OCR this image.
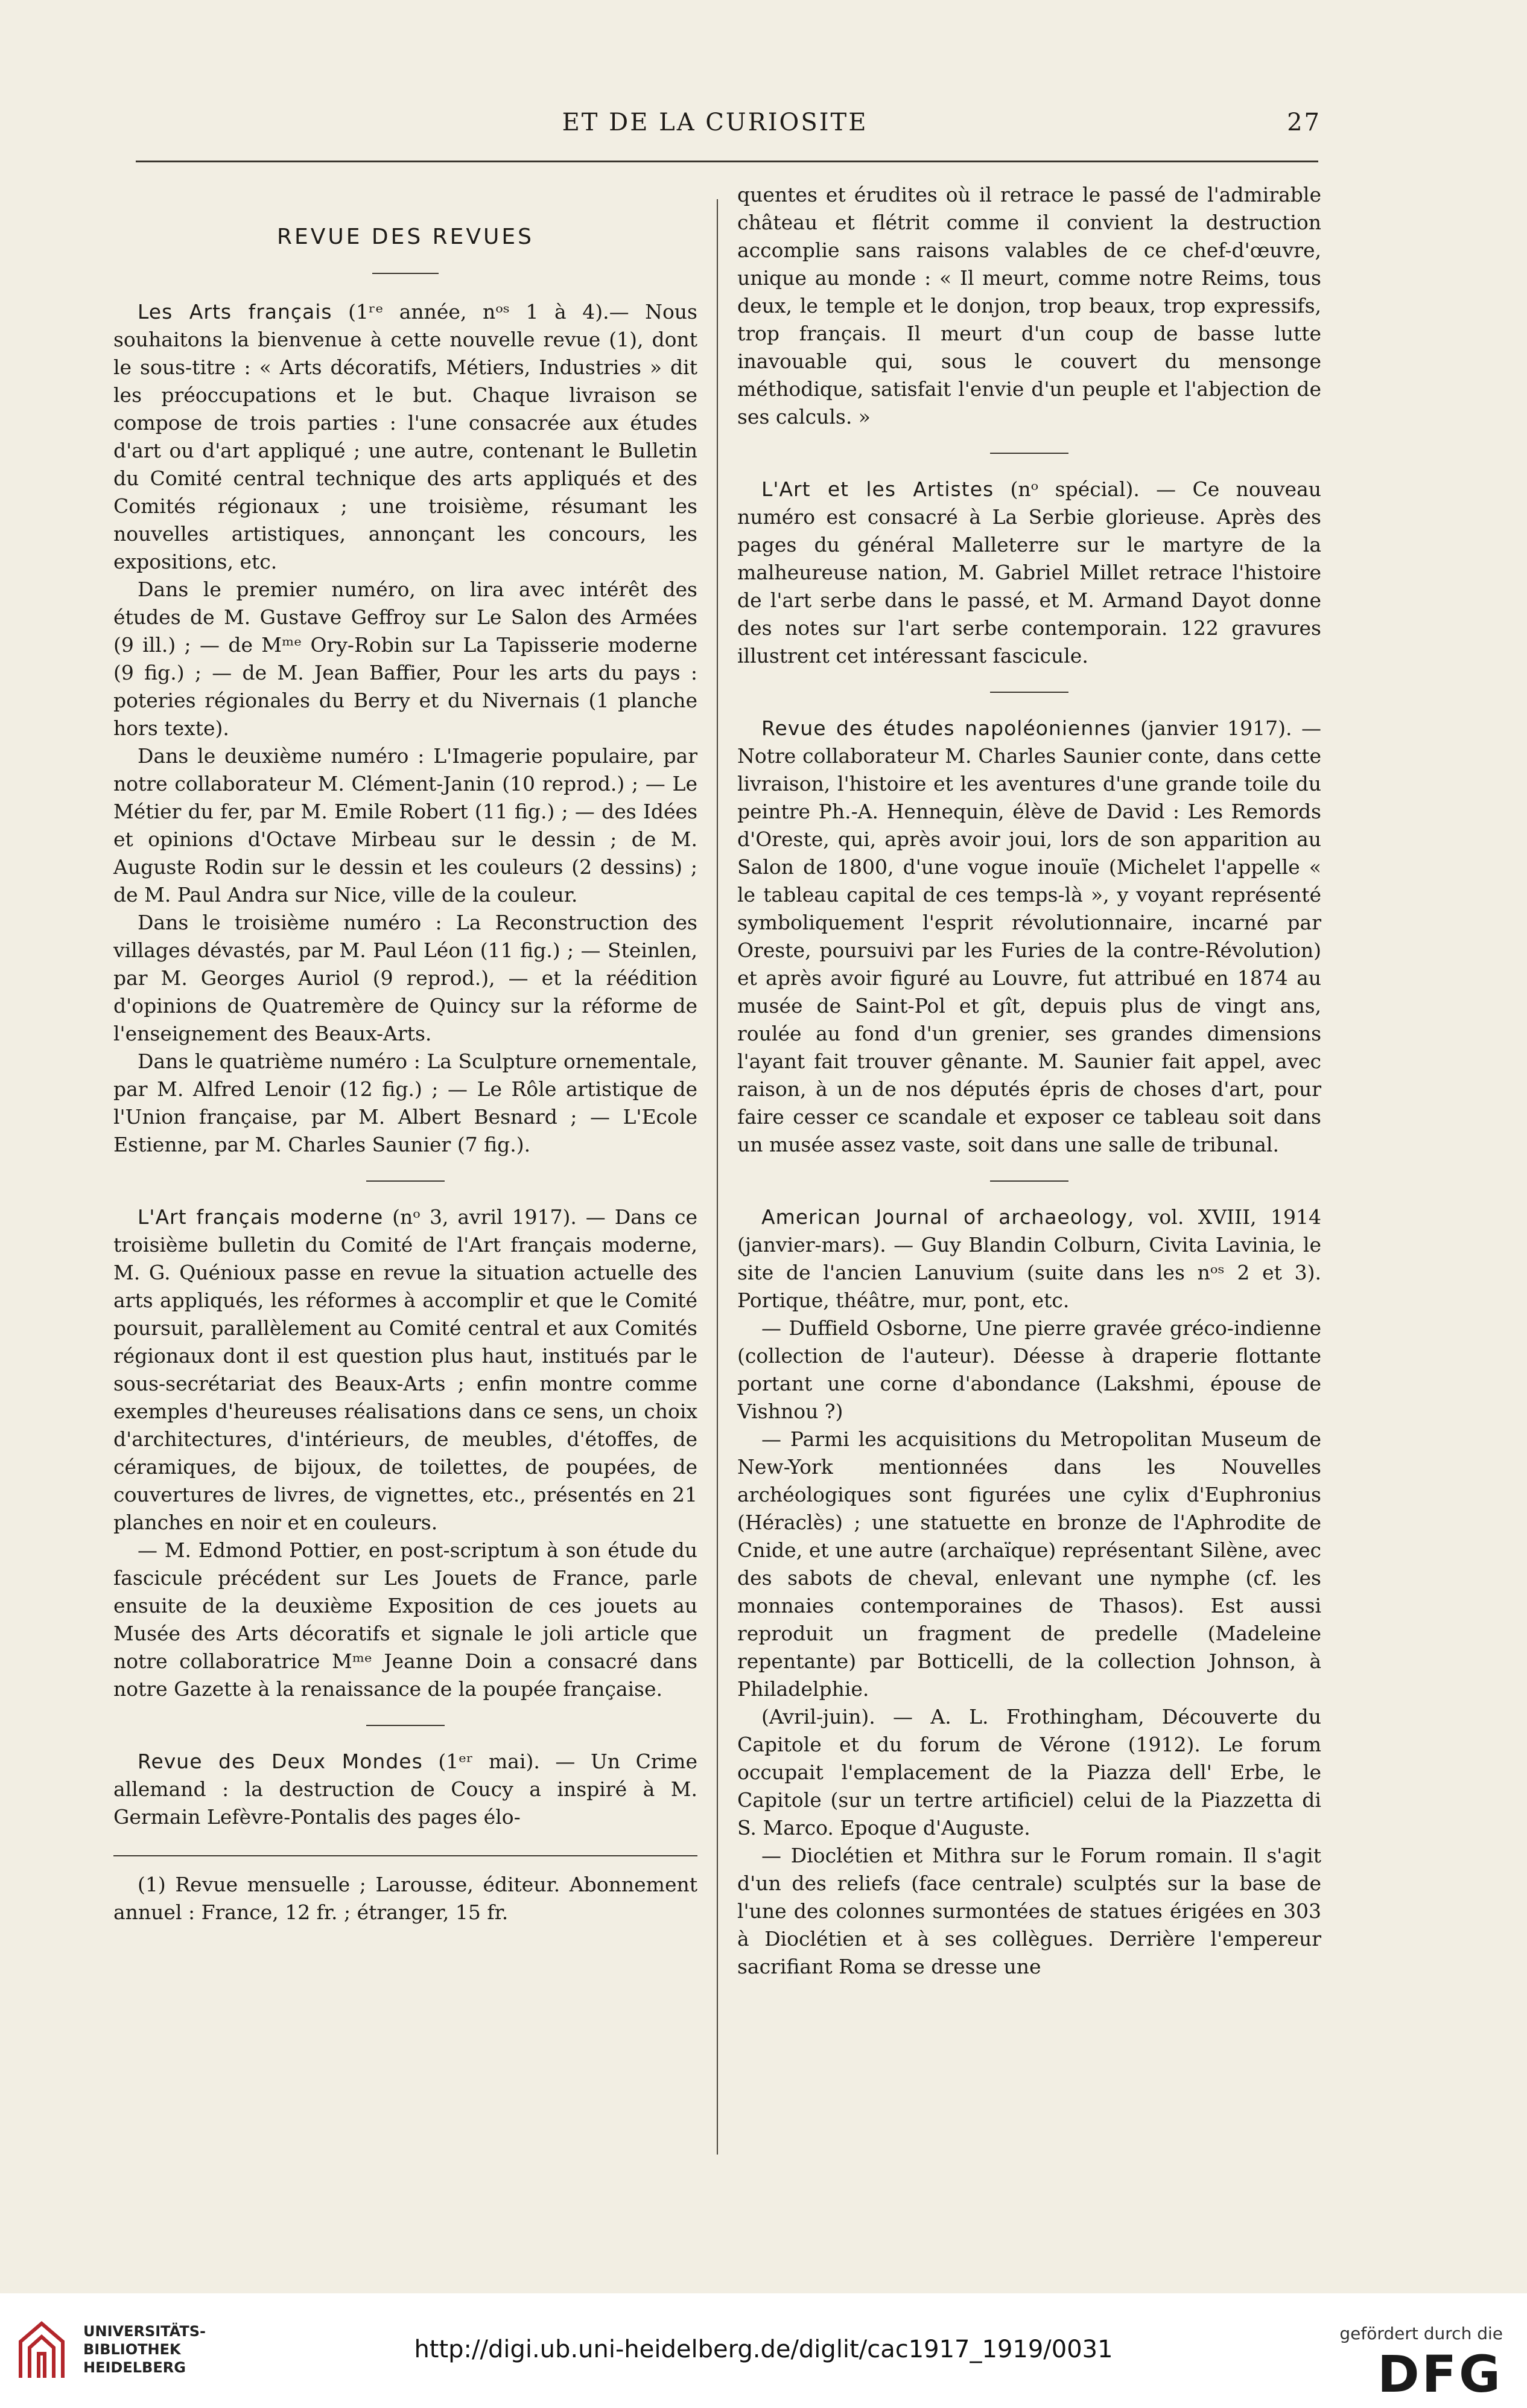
ET DE LA CURIOSITE	27
REVUE DES REVUES

Les Arts français (1ʳᵉ année, nᵒˢ 1 à 4).— Nous souhaitons la bienvenue à cette nouvelle revue (1), dont le sous-titre : « Arts décoratifs, Métiers, Industries » dit les préoccupations et le but. Chaque livraison se compose de trois parties : l'une consacrée aux études d'art ou d'art appliqué ; une autre, contenant le Bulletin du Comité central technique des arts appliqués et des Comités régionaux ; une troisième, résumant les nouvelles artistiques, annonçant les concours, les expositions, etc.

Dans le premier numéro, on lira avec intérêt des études de M. Gustave Geffroy sur Le Salon des Armées (9 ill.) ; — de Mᵐᵉ Ory-Robin sur La Tapisserie moderne (9 fig.) ; — de M. Jean Baffier, Pour les arts du pays : poteries régionales du Berry et du Nivernais (1 planche hors texte).

Dans le deuxième numéro : L'Imagerie populaire, par notre collaborateur M. Clément-Janin (10 reprod.) ; — Le Métier du fer, par M. Emile Robert (11 fig.) ; — des Idées et opinions d'Octave Mirbeau sur le dessin ; de M. Auguste Rodin sur le dessin et les couleurs (2 dessins) ; de M. Paul Andra sur Nice, ville de la couleur.

Dans le troisième numéro : La Reconstruction des villages dévastés, par M. Paul Léon (11 fig.) ; — Steinlen, par M. Georges Auriol (9 reprod.), — et la réédition d'opinions de Quatremère de Quincy sur la réforme de l'enseignement des Beaux-Arts.

Dans le quatrième numéro : La Sculpture ornementale, par M. Alfred Lenoir (12 fig.) ; — Le Rôle artistique de l'Union française, par M. Albert Besnard ; — L'Ecole Estienne, par M. Charles Saunier (7 fig.).

L'Art français moderne (nᵒ 3, avril 1917). — Dans ce troisième bulletin du Comité de l'Art français moderne, M. G. Quénioux passe en revue la situation actuelle des arts appliqués, les réformes à accomplir et que le Comité poursuit, parallèlement au Comité central et aux Comités régionaux dont il est question plus haut, institués par le sous-secrétariat des Beaux-Arts ; enfin montre comme exemples d'heureuses réalisations dans ce sens, un choix d'architectures, d'intérieurs, de meubles, d'étoffes, de céramiques, de bijoux, de toilettes, de poupées, de couvertures de livres, de vignettes, etc., présentés en 21 planches en noir et en couleurs.

— M. Edmond Pottier, en post-scriptum à son étude du fascicule précédent sur Les Jouets de France, parle ensuite de la deuxième Exposition de ces jouets au Musée des Arts décoratifs et signale le joli article que notre collaboratrice Mᵐᵉ Jeanne Doin a consacré dans notre Gazette à la renaissance de la poupée française.

Revue des Deux Mondes (1ᵉʳ mai). — Un Crime allemand : la destruction de Coucy a inspiré à M. Germain Lefèvre-Pontalis des pages élo-

(1) Revue mensuelle ; Larousse, éditeur. Abonnement annuel : France, 12 fr. ; étranger, 15 fr.

quentes et érudites où il retrace le passé de l'admirable château et flétrit comme il convient la destruction accomplie sans raisons valables de ce chef-d'œuvre, unique au monde : « Il meurt, comme notre Reims, tous deux, le temple et le donjon, trop beaux, trop expressifs, trop français. Il meurt d'un coup de basse lutte inavouable qui, sous le couvert du mensonge méthodique, satisfait l'envie d'un peuple et l'abjection de ses calculs. »

L'Art et les Artistes (nᵒ spécial). — Ce nouveau numéro est consacré à La Serbie glorieuse. Après des pages du général Malleterre sur le martyre de la malheureuse nation, M. Gabriel Millet retrace l'histoire de l'art serbe dans le passé, et M. Armand Dayot donne des notes sur l'art serbe contemporain. 122 gravures illustrent cet intéressant fascicule.

Revue des études napoléoniennes (janvier 1917). — Notre collaborateur M. Charles Saunier conte, dans cette livraison, l'histoire et les aventures d'une grande toile du peintre Ph.-A. Hennequin, élève de David : Les Remords d'Oreste, qui, après avoir joui, lors de son apparition au Salon de 1800, d'une vogue inouïe (Michelet l'appelle « le tableau capital de ces temps-là », y voyant représenté symboliquement l'esprit révolutionnaire, incarné par Oreste, poursuivi par les Furies de la contre-Révolution) et après avoir figuré au Louvre, fut attribué en 1874 au musée de Saint-Pol et gît, depuis plus de vingt ans, roulée au fond d'un grenier, ses grandes dimensions l'ayant fait trouver gênante. M. Saunier fait appel, avec raison, à un de nos députés épris de choses d'art, pour faire cesser ce scandale et exposer ce tableau soit dans un musée assez vaste, soit dans une salle de tribunal.

American Journal of archaeology, vol. XVIII, 1914 (janvier-mars). — Guy Blandin Colburn, Civita Lavinia, le site de l'ancien Lanuvium (suite dans les nᵒˢ 2 et 3). Portique, théâtre, mur, pont, etc.

— Duffield Osborne, Une pierre gravée gréco-indienne (collection de l'auteur). Déesse à draperie flottante portant une corne d'abondance (Lakshmi, épouse de Vishnou ?)

— Parmi les acquisitions du Metropolitan Museum de New-York mentionnées dans les Nouvelles archéologiques sont figurées une cylix d'Euphronius (Héraclès) ; une statuette en bronze de l'Aphrodite de Cnide, et une autre (archaïque) représentant Silène, avec des sabots de cheval, enlevant une nymphe (cf. les monnaies contemporaines de Thasos). Est aussi reproduit un fragment de predelle (Madeleine repentante) par Botticelli, de la collection Johnson, à Philadelphie.

(Avril-juin). — A. L. Frothingham, Découverte du Capitole et du forum de Vérone (1912). Le forum occupait l'emplacement de la Piazza dell' Erbe, le Capitole (sur un tertre artificiel) celui de la Piazzetta di S. Marco. Epoque d'Auguste.

— Dioclétien et Mithra sur le Forum romain. Il s'agit d'un des reliefs (face centrale) sculptés sur la base de l'une des colonnes surmontées de statues érigées en 303 à Dioclétien et à ses collègues. Derrière l'empereur sacrifiant Roma se dresse une

UNIVERSITÄTS-
BIBLIOTHEK
HEIDELBERG
http://digi.ub.uni-heidelberg.de/diglit/cac1917_1919/0031
gefördert durch die
DFG
